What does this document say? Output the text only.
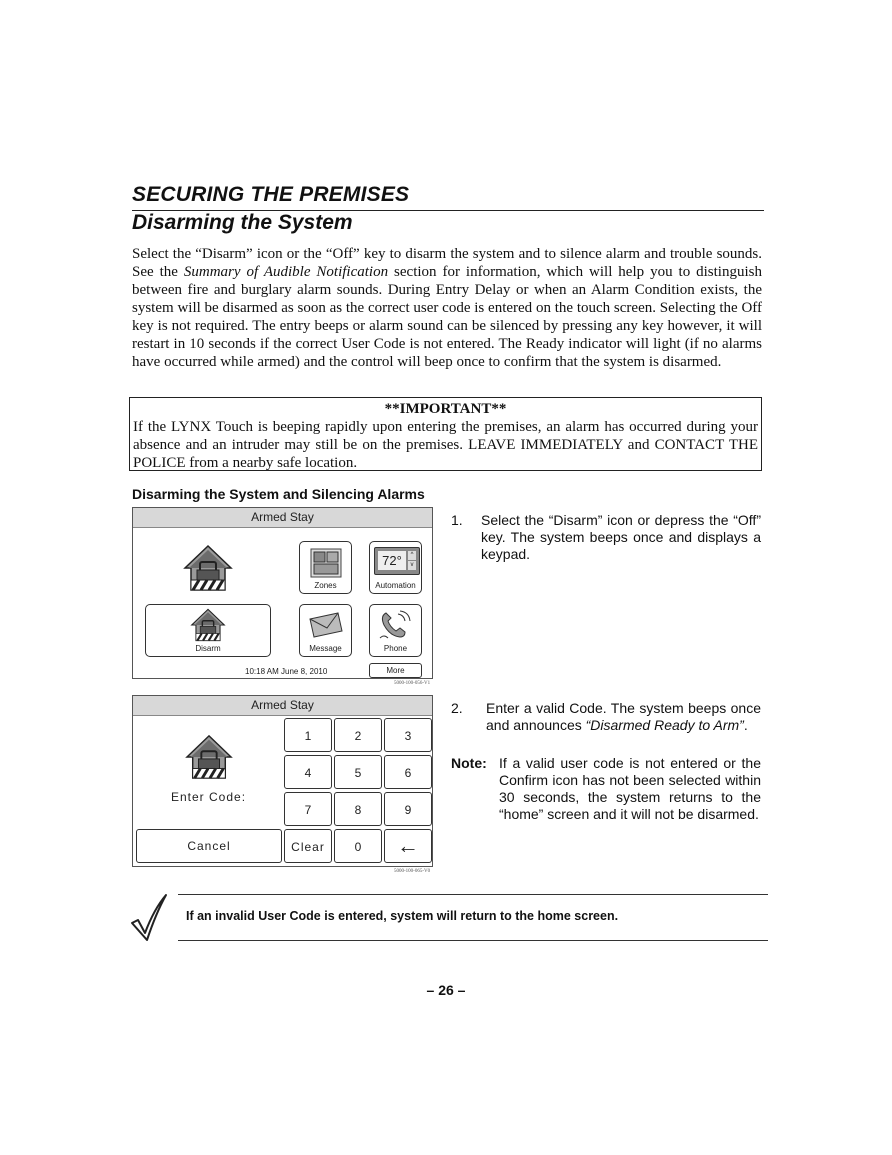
SECURING THE PREMISES
Disarming the System
Select the “Disarm” icon or the “Off” key to disarm the system and to silence alarm and trouble sounds. See the Summary of Audible Notification section for information, which will help you to distinguish between fire and burglary alarm sounds. During Entry Delay or when an Alarm Condition exists, the system will be disarmed as soon as the correct user code is entered on the touch screen. Selecting the Off key is not required. The entry beeps or alarm sound can be silenced by pressing any key however, it will restart in 10 seconds if the correct User Code is not entered. The Ready indicator will light (if no alarms have occurred while armed) and the control will beep once to confirm that the system is disarmed.
**IMPORTANT**
If the LYNX Touch is beeping rapidly upon entering the premises, an alarm has occurred during your absence and an intruder may still be on the premises. LEAVE IMMEDIATELY and CONTACT THE POLICE from a nearby safe location.
Disarming the System and Silencing Alarms
Armed Stay
Zones
72°	^
v
Automation
Disarm	Message	Phone
10:18 AM June 8, 2010	More
5000-100-056-V1
Armed Stay
Enter Code:
1	2	3
4	5	6
7	8	9
Cancel	Clear	0	←
5000-100-065-V0
1. Select the “Disarm” icon or depress the “Off” key. The system beeps once and displays a keypad.
2. Enter a valid Code. The system beeps once and announces “Disarmed Ready to Arm”.
Note: If a valid user code is not entered or the Confirm icon has not been selected within 30 seconds, the system returns to the “home” screen and it will not be disarmed.
If an invalid User Code is entered, system will return to the home screen.
– 26 –
